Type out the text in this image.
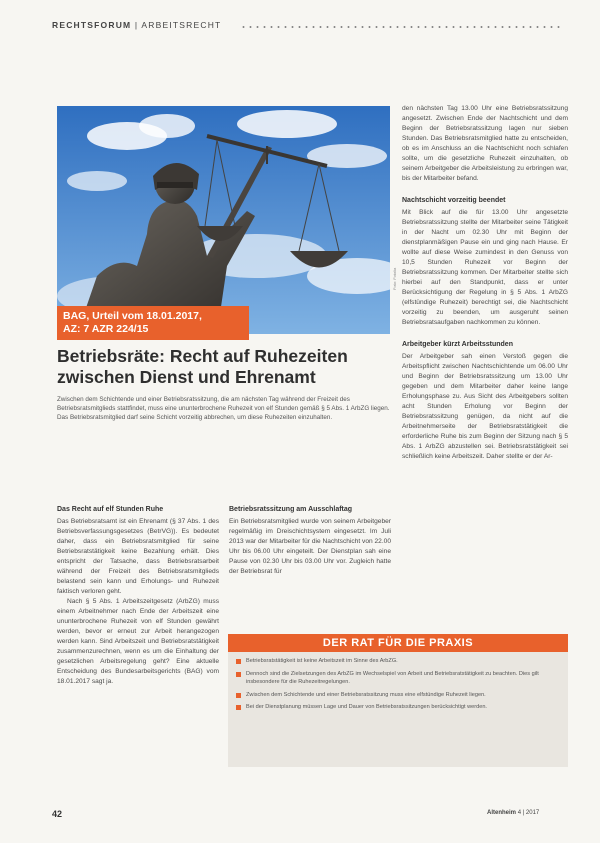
RECHTSFORUM | ARBEITSRECHT
BAG, Urteil vom 18.01.2017,
AZ: 7 AZR 224/15
Foto: Fotolia
Betriebsräte: Recht auf Ruhezeiten
zwischen Dienst und Ehrenamt
Zwischen dem Schichtende und einer Betriebsratssitzung, die am nächsten Tag während der Freizeit des Betriebsratsmitglieds stattfindet, muss eine ununterbrochene Ruhezeit von elf Stunden gemäß § 5 Abs. 1 ArbZG liegen. Das Betriebsratsmitglied darf seine Schicht vorzeitig abbrechen, um diese Ruhezeiten einzuhalten.
Das Recht auf elf Stunden Ruhe

Das Betriebsratsamt ist ein Ehrenamt (§ 37 Abs. 1 des Betriebsverfassungsgesetzes (BetrVG)). Es bedeutet daher, dass ein Betriebsratsmitglied für seine Betriebsratstätigkeit keine Bezahlung erhält. Dies entspricht der Tatsache, dass Betriebsratsarbeit während der Freizeit des Betriebsratsmitglieds belastend sein kann und Erholungs- und Ruhezeit faktisch verloren geht.

Nach § 5 Abs. 1 Arbeitszeitgesetz (ArbZG) muss einem Arbeitnehmer nach Ende der Arbeitszeit eine ununterbrochene Ruhezeit von elf Stunden gewährt werden, bevor er erneut zur Arbeit herangezogen werden kann. Sind Arbeitszeit und Betriebsratstätigkeit zusammenzurechnen, wenn es um die Einhaltung der gesetzlichen Arbeitsregelung geht? Eine aktuelle Entscheidung des Bundesarbeitsgerichts (BAG) vom 18.01.2017 sagt ja.

Betriebsratssitzung am Ausschlaftag

Ein Betriebsratsmitglied wurde von seinem Arbeitgeber regelmäßig im Dreischichtsystem eingesetzt. Im Juli 2013 war der Mitarbeiter für die Nachtschicht von 22.00 Uhr bis 06.00 Uhr eingeteilt. Der Dienstplan sah eine Pause von 02.30 Uhr bis 03.00 Uhr vor. Zugleich hatte der Betriebsrat für

den nächsten Tag 13.00 Uhr eine Betriebsratssitzung angesetzt. Zwischen Ende der Nachtschicht und dem Beginn der Betriebsratssitzung lagen nur sieben Stunden. Das Betriebsratsmitglied hatte zu entscheiden, ob es im Anschluss an die Nachtschicht noch schlafen sollte, um die gesetzliche Ruhezeit einzuhalten, ob seinem Arbeitgeber die Arbeitsleistung zu erbringen war, bis der Mitarbeiter befand.

Nachtschicht vorzeitig beendet

Mit Blick auf die für 13.00 Uhr angesetzte Betriebsratssitzung stellte der Mitarbeiter seine Tätigkeit in der Nacht um 02.30 Uhr mit Beginn der dienstplanmäßigen Pause ein und ging nach Hause. Er wollte auf diese Weise zumindest in den Genuss von 10,5 Stunden Ruhezeit vor Beginn der Betriebsratssitzung kommen. Der Mitarbeiter stellte sich hierbei auf den Standpunkt, dass er unter Berücksichtigung der Regelung in § 5 Abs. 1 ArbZG (elfstündige Ruhezeit) berechtigt sei, die Nachtschicht vorzeitig zu beenden, um ausgeruht seinen Betriebsratsaufgaben nachkommen zu können.

Arbeitgeber kürzt Arbeitsstunden

Der Arbeitgeber sah einen Verstoß gegen die Arbeitspflicht zwischen Nachtschichtende um 06.00 Uhr und Beginn der Betriebsratssitzung um 13.00 Uhr gegeben und dem Mitarbeiter daher keine lange Erholungsphase zu. Aus Sicht des Arbeitgebers sollten acht Stunden Erholung vor Beginn der Betriebsratssitzung genügen, da nicht auf die Arbeitnehmerseite der Betriebsratstätigkeit die erforderliche Ruhe bis zum Beginn der Sitzung nach § 5 Abs. 1 ArbZG abzustellen sei. Betriebsratstätigkeit sei schließlich keine Arbeitszeit. Daher stellte er der Ar-

DER RAT FÜR DIE PRAXIS
Betriebsratstätigkeit ist keine Arbeitszeit im Sinne des ArbZG.
Dennoch sind die Zielsetzungen des ArbZG im Wechselspiel von Arbeit und Betriebsratstätigkeit zu beachten. Dies gilt insbesondere für die Ruhezeitregelungen.
Zwischen dem Schichtende und einer Betriebsratssitzung muss eine elfstündige Ruhezeit liegen.
Bei der Dienstplanung müssen Lage und Dauer von Betriebsratssitzungen berücksichtigt werden.
42	Altenheim 4 | 2017
